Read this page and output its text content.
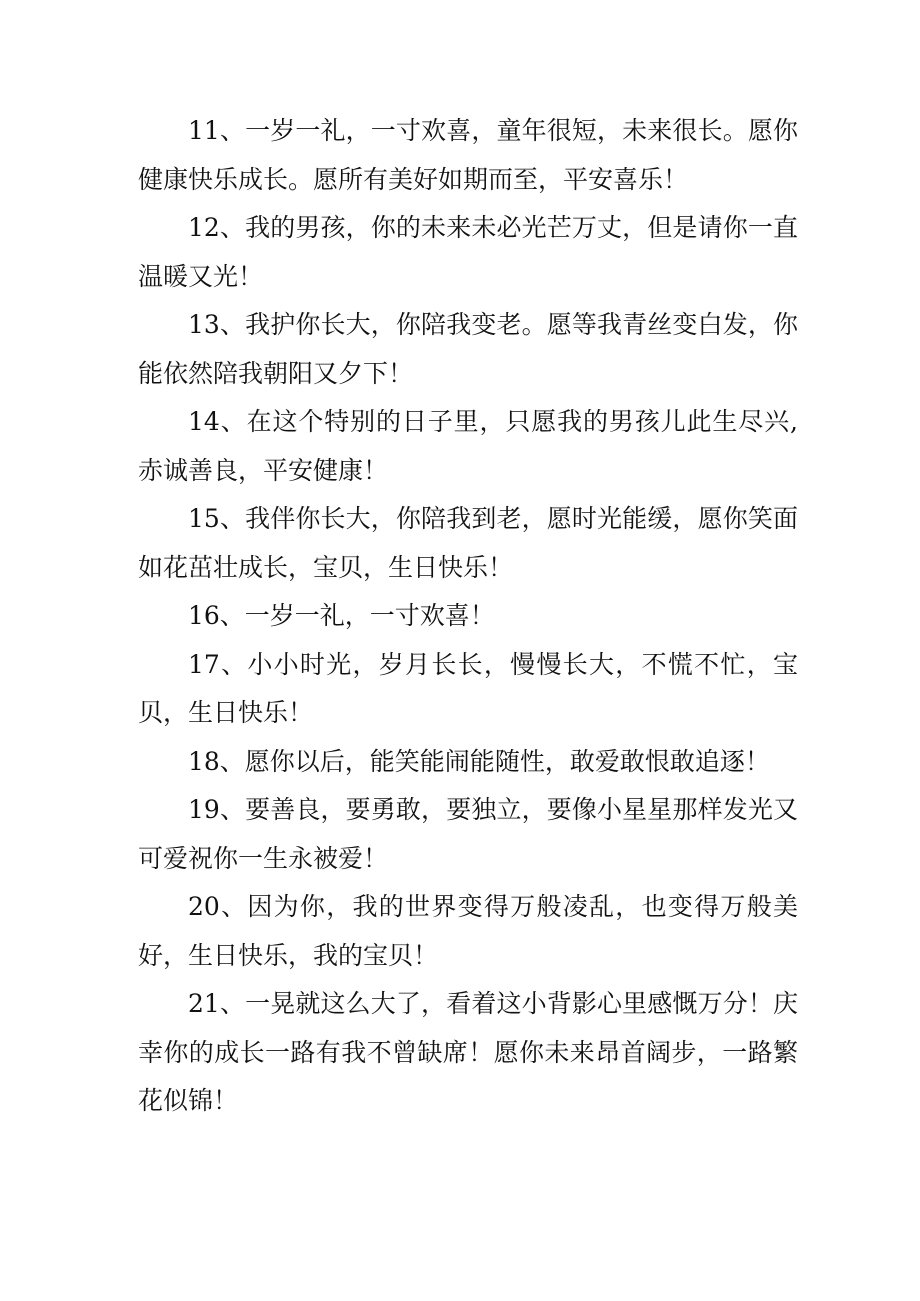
11、一岁一礼，一寸欢喜，童年很短，未来很长。愿你健康快乐成长。愿所有美好如期而至，平安喜乐！

12、我的男孩，你的未来未必光芒万丈，但是请你一直温暖又光！

13、我护你长大，你陪我变老。愿等我青丝变白发，你能依然陪我朝阳又夕下！

14、在这个特别的日子里，只愿我的男孩儿此生尽兴,赤诚善良，平安健康！

15、我伴你长大，你陪我到老，愿时光能缓，愿你笑面如花茁壮成长，宝贝，生日快乐！

16、一岁一礼，一寸欢喜！

17、小小时光，岁月长长，慢慢长大，不慌不忙，宝贝，生日快乐！

18、愿你以后，能笑能闹能随性，敢爱敢恨敢追逐！

19、要善良，要勇敢，要独立，要像小星星那样发光又可爱祝你一生永被爱！

20、因为你，我的世界变得万般凌乱，也变得万般美好，生日快乐，我的宝贝！

21、一晃就这么大了，看着这小背影心里感慨万分！庆幸你的成长一路有我不曾缺席！愿你未来昂首阔步，一路繁花似锦！
